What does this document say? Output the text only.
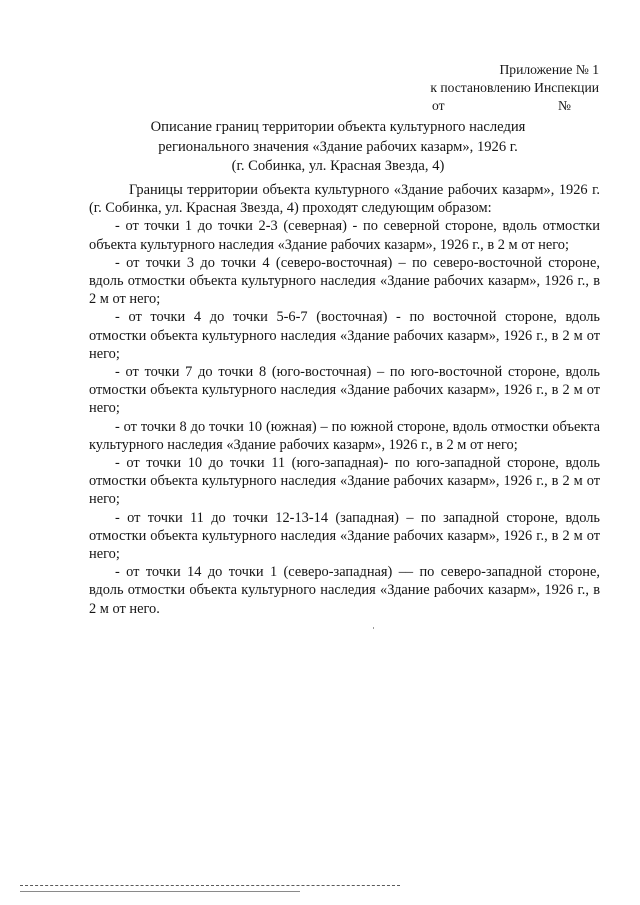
Приложение № 1
к постановлению Инспекции
от	№
Описание границ территории объекта культурного наследия
регионального значения «Здание рабочих казарм», 1926 г.
(г. Собинка, ул. Красная Звезда, 4)

Границы территории объекта культурного «Здание рабочих казарм», 1926 г. (г. Собинка, ул. Красная Звезда, 4) проходят следующим образом:

- от точки 1 до точки 2-3 (северная) - по северной стороне, вдоль отмостки объекта культурного наследия «Здание рабочих казарм», 1926 г., в 2 м от него;

- от точки 3 до точки 4 (северо-восточная) – по северо-восточной стороне, вдоль отмостки объекта культурного наследия «Здание рабочих казарм», 1926 г., в 2 м от него;

- от точки 4 до точки 5-6-7 (восточная) - по восточной стороне, вдоль отмостки объекта культурного наследия «Здание рабочих казарм», 1926 г., в 2 м от него;

- от точки 7 до точки 8 (юго-восточная) – по юго-восточной стороне, вдоль отмостки объекта культурного наследия «Здание рабочих казарм», 1926 г., в 2 м от него;

- от точки 8 до точки 10 (южная) – по южной стороне, вдоль отмостки объекта культурного наследия «Здание рабочих казарм», 1926 г., в 2 м от него;

- от точки 10 до точки 11 (юго-западная)- по юго-западной стороне, вдоль отмостки объекта культурного наследия «Здание рабочих казарм», 1926 г., в 2 м от него;

- от точки 11 до точки 12-13-14 (западная) – по западной стороне, вдоль отмостки объекта культурного наследия «Здание рабочих казарм», 1926 г., в 2 м от него;

- от точки 14 до точки 1 (северо-западная) –– по северо-западной стороне, вдоль отмостки объекта культурного наследия «Здание рабочих казарм», 1926 г., в 2 м от него.
